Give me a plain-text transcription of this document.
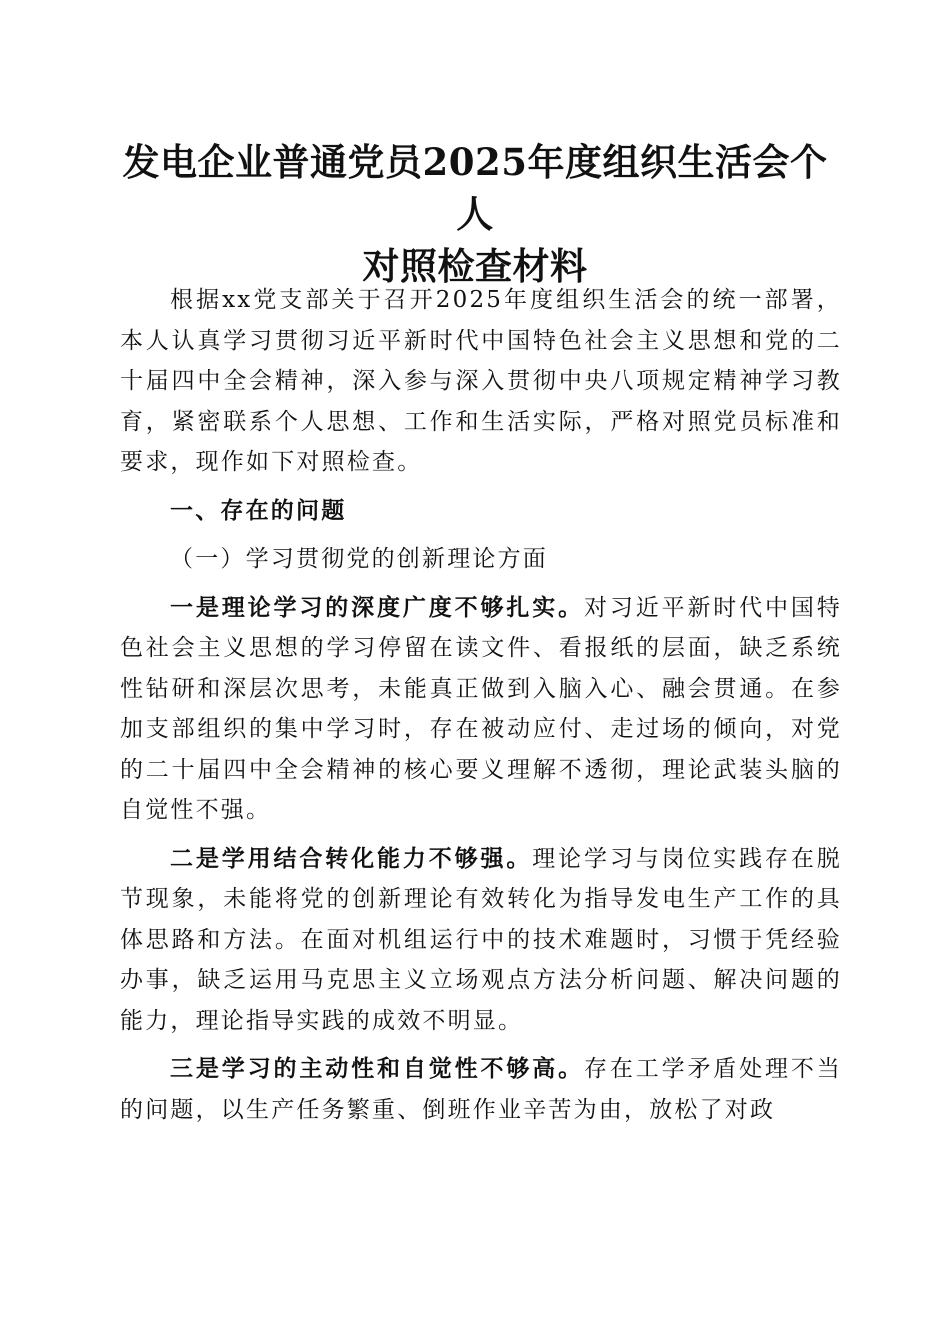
发电企业普通党员2025年度组织生活会个人
对照检查材料

根据xx党支部关于召开2025年度组织生活会的统一部署，本人认真学习贯彻习近平新时代中国特色社会主义思想和党的二十届四中全会精神，深入参与深入贯彻中央八项规定精神学习教育，紧密联系个人思想、工作和生活实际，严格对照党员标准和要求，现作如下对照检查。

一、存在的问题

（一）学习贯彻党的创新理论方面

一是理论学习的深度广度不够扎实。对习近平新时代中国特色社会主义思想的学习停留在读文件、看报纸的层面，缺乏系统性钻研和深层次思考，未能真正做到入脑入心、融会贯通。在参加支部组织的集中学习时，存在被动应付、走过场的倾向，对党的二十届四中全会精神的核心要义理解不透彻，理论武装头脑的自觉性不强。

二是学用结合转化能力不够强。理论学习与岗位实践存在脱节现象，未能将党的创新理论有效转化为指导发电生产工作的具体思路和方法。在面对机组运行中的技术难题时，习惯于凭经验办事，缺乏运用马克思主义立场观点方法分析问题、解决问题的能力，理论指导实践的成效不明显。

三是学习的主动性和自觉性不够高。存在工学矛盾处理不当的问题，以生产任务繁重、倒班作业辛苦为由，放松了对政
